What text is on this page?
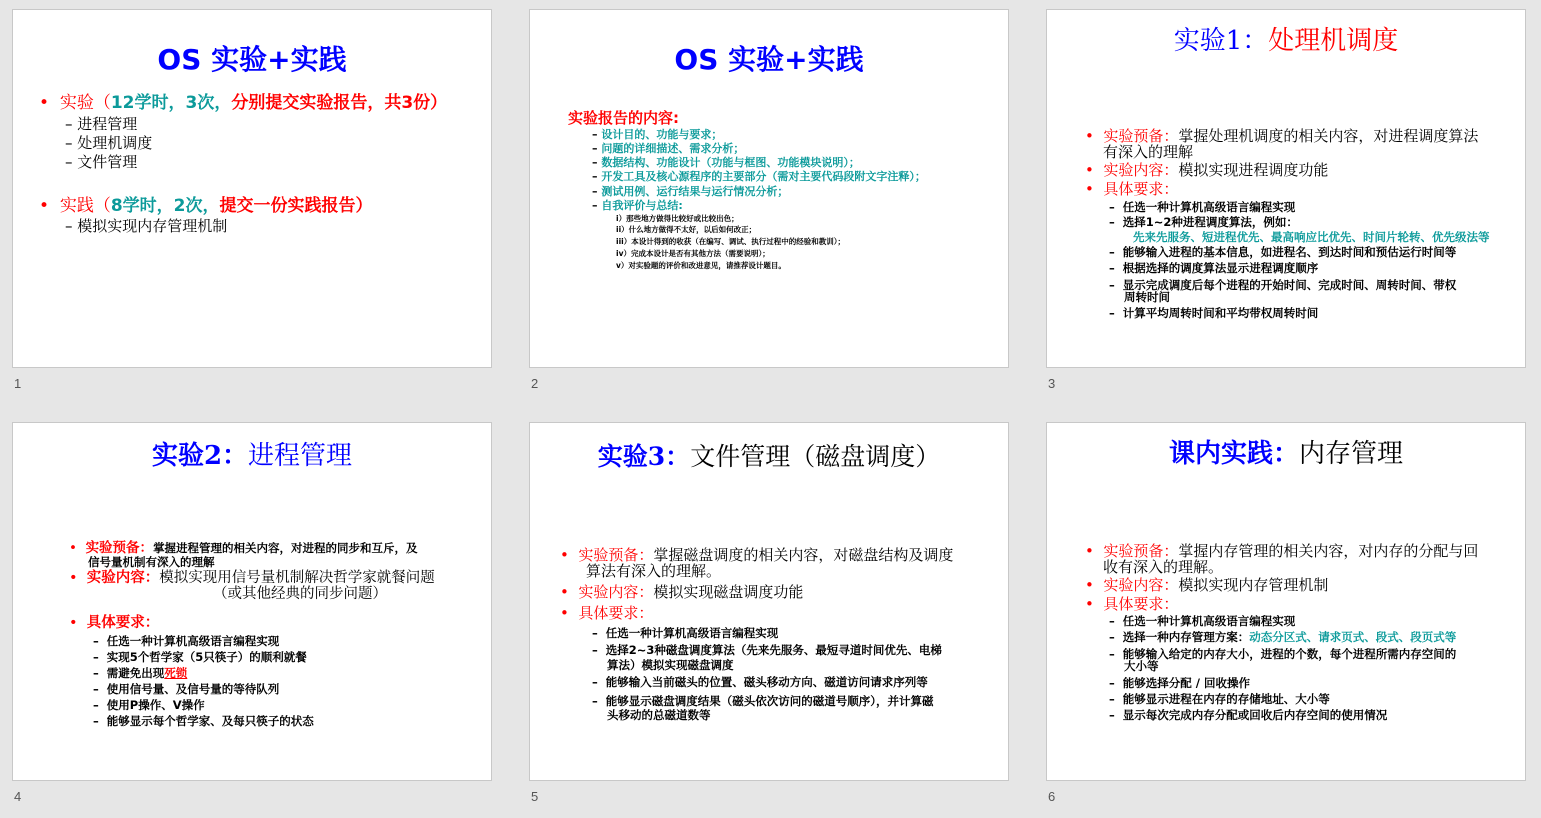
OS 实验+实践
• 实验（12学时，3次，分别提交实验报告，共3份）
– 进程管理
– 处理机调度
– 文件管理
• 实践（8学时，2次，提交一份实践报告）
– 模拟实现内存管理机制
1
OS 实验+实践
实验报告的内容:
– 设计目的、功能与要求；
– 问题的详细描述、需求分析；
– 数据结构、功能设计（功能与框图、功能模块说明）；
– 开发工具及核心源程序的主要部分（需对主要代码段附文字注释）；
– 测试用例、运行结果与运行情况分析；
– 自我评价与总结:
i）那些地方做得比较好或比较出色；
ii）什么地方做得不太好，以后如何改正；
iii）本设计得到的收获（在编写、调试、执行过程中的经验和教训）；
iv）完成本设计是否有其他方法（需要说明）；
v）对实验题的评价和改进意见，请推荐设计题目。
2
实验1：处理机调度
• 实验预备：掌握处理机调度的相关内容，对进程调度算法
有深入的理解
• 实验内容：模拟实现进程调度功能
• 具体要求：
–  任选一种计算机高级语言编程实现
–  选择1~2种进程调度算法，例如：
先来先服务、短进程优先、最高响应比优先、时间片轮转、优先级法等
–  能够输入进程的基本信息，如进程名、到达时间和预估运行时间等
–  根据选择的调度算法显示进程调度顺序
–  显示完成调度后每个进程的开始时间、完成时间、周转时间、带权
周转时间
–  计算平均周转时间和平均带权周转时间
3
实验2：进程管理
• 实验预备：掌握进程管理的相关内容，对进程的同步和互斥，及
信号量机制有深入的理解
• 实验内容：模拟实现用信号量机制解决哲学家就餐问题
（或其他经典的同步问题）
• 具体要求：
–  任选一种计算机高级语言编程实现
–  实现5个哲学家（5只筷子）的顺利就餐
–  需避免出现死锁
–  使用信号量、及信号量的等待队列
–  使用P操作、V操作
–  能够显示每个哲学家、及每只筷子的状态
4
实验3：文件管理（磁盘调度）
• 实验预备：掌握磁盘调度的相关内容，对磁盘结构及调度
算法有深入的理解。
• 实验内容：模拟实现磁盘调度功能
• 具体要求：
–  任选一种计算机高级语言编程实现
–  选择2~3种磁盘调度算法（先来先服务、最短寻道时间优先、电梯
算法）模拟实现磁盘调度
–  能够输入当前磁头的位置、磁头移动方向、磁道访问请求序列等
–  能够显示磁盘调度结果（磁头依次访问的磁道号顺序），并计算磁
头移动的总磁道数等
5
课内实践：内存管理
• 实验预备：掌握内存管理的相关内容，对内存的分配与回
收有深入的理解。
• 实验内容：模拟实现内存管理机制
• 具体要求：
–  任选一种计算机高级语言编程实现
–  选择一种内存管理方案：动态分区式、请求页式、段式、段页式等
–  能够输入给定的内存大小，进程的个数，每个进程所需内存空间的
大小等
–  能够选择分配 / 回收操作
–  能够显示进程在内存的存储地址、大小等
–  显示每次完成内存分配或回收后内存空间的使用情况
6
